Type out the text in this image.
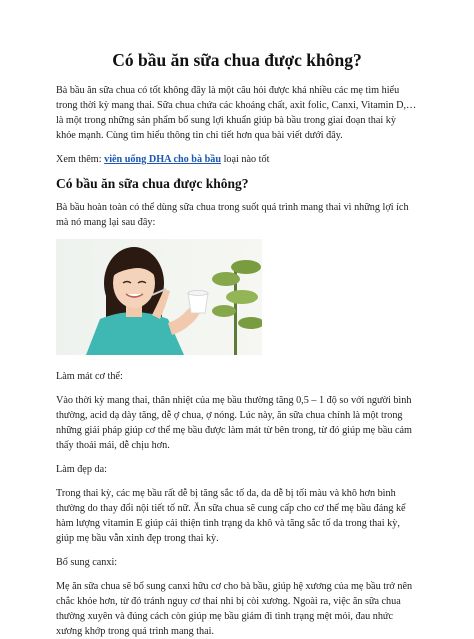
Có bầu ăn sữa chua được không?

Bà bầu ăn sữa chua có tốt không đây là một câu hỏi được khá nhiều các mẹ tìm hiểu trong thời kỳ mang thai. Sữa chua chứa các khoáng chất, axit folic, Canxi, Vitamin D,… là một trong những sản phẩm bổ sung lợi khuẩn giúp bà bầu trong giai đoạn thai kỳ khỏe mạnh. Cùng tìm hiểu thông tin chi tiết hơn qua bài viết dưới đây.

Xem thêm: viên uống DHA cho bà bầu loại nào tốt

Có bầu ăn sữa chua được không?

Bà bầu hoàn toàn có thể dùng sữa chua trong suốt quá trình mang thai vì những lợi ích mà nó mang lại sau đây:

Làm mát cơ thể:

Vào thời kỳ mang thai, thân nhiệt của mẹ bầu thường tăng 0,5 – 1 độ so với người bình thường, acid dạ dày tăng, dễ ợ chua, ợ nóng. Lúc này, ăn sữa chua chính là một trong những giải pháp giúp cơ thể mẹ bầu được làm mát từ bên trong, từ đó giúp mẹ bầu cảm thấy thoải mái, dễ chịu hơn.

Làm đẹp da:

Trong thai kỳ, các mẹ bầu rất dễ bị tăng sắc tố da, da dễ bị tối màu và khô hơn bình thường do thay đổi nội tiết tố nữ. Ăn sữa chua sẽ cung cấp cho cơ thể mẹ bầu đáng kể hàm lượng vitamin E giúp cải thiện tình trạng da khô và tăng sắc tố da trong thai kỳ, giúp mẹ bầu vẫn xinh đẹp trong thai kỳ.

Bổ sung canxi:

Mẹ ăn sữa chua sẽ bổ sung canxi hữu cơ cho bà bầu, giúp hệ xương của mẹ bầu trở nên chắc khỏe hơn, từ đó tránh nguy cơ thai nhi bị còi xương. Ngoài ra, việc ăn sữa chua thường xuyên và đúng cách còn giúp mẹ bầu giảm đi tình trạng mệt mỏi, đau nhức xương khớp trong quá trình mang thai.
